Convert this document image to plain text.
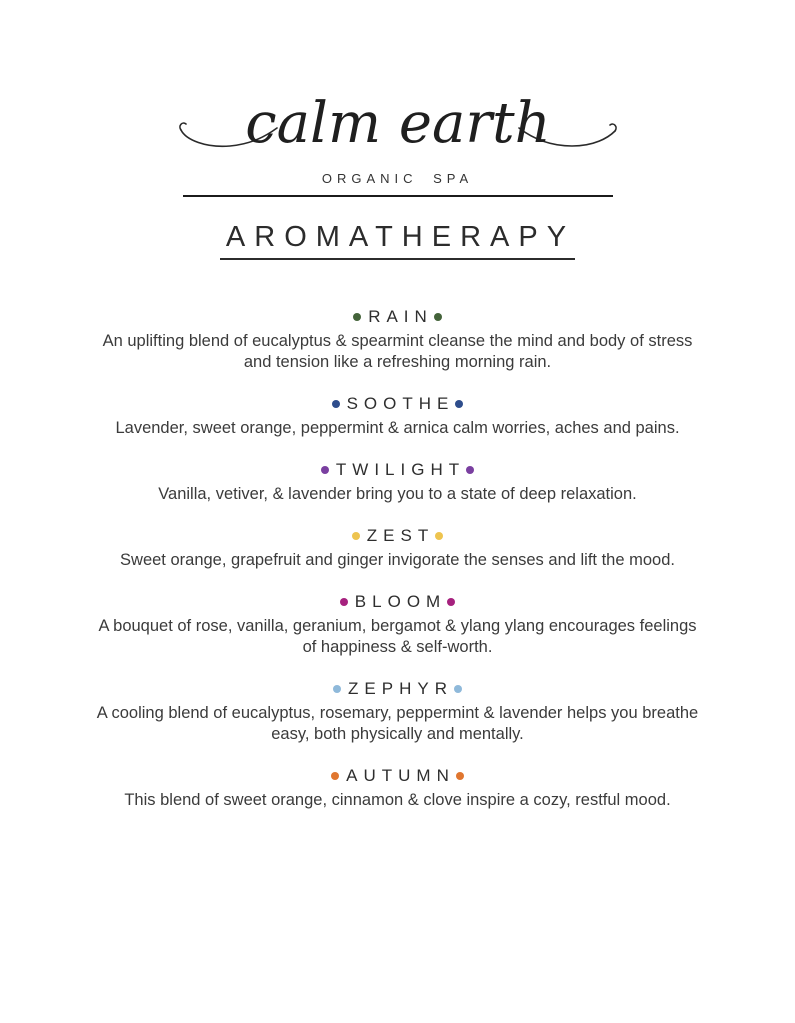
calm earth
ORGANIC SPA
AROMATHERAPY
RAIN

An uplifting blend of eucalyptus & spearmint cleanse the mind and body of stress and tension like a refreshing morning rain.

SOOTHE

Lavender, sweet orange, peppermint & arnica calm worries, aches and pains.

TWILIGHT

Vanilla, vetiver, & lavender bring you to a state of deep relaxation.

ZEST

Sweet orange, grapefruit and ginger invigorate the senses and lift the mood.

BLOOM

A bouquet of rose, vanilla, geranium, bergamot & ylang ylang encourages feelings of happiness & self-worth.

ZEPHYR

A cooling blend of eucalyptus, rosemary, peppermint & lavender helps you breathe easy, both physically and mentally.

AUTUMN

This blend of sweet orange, cinnamon & clove inspire a cozy, restful mood.
